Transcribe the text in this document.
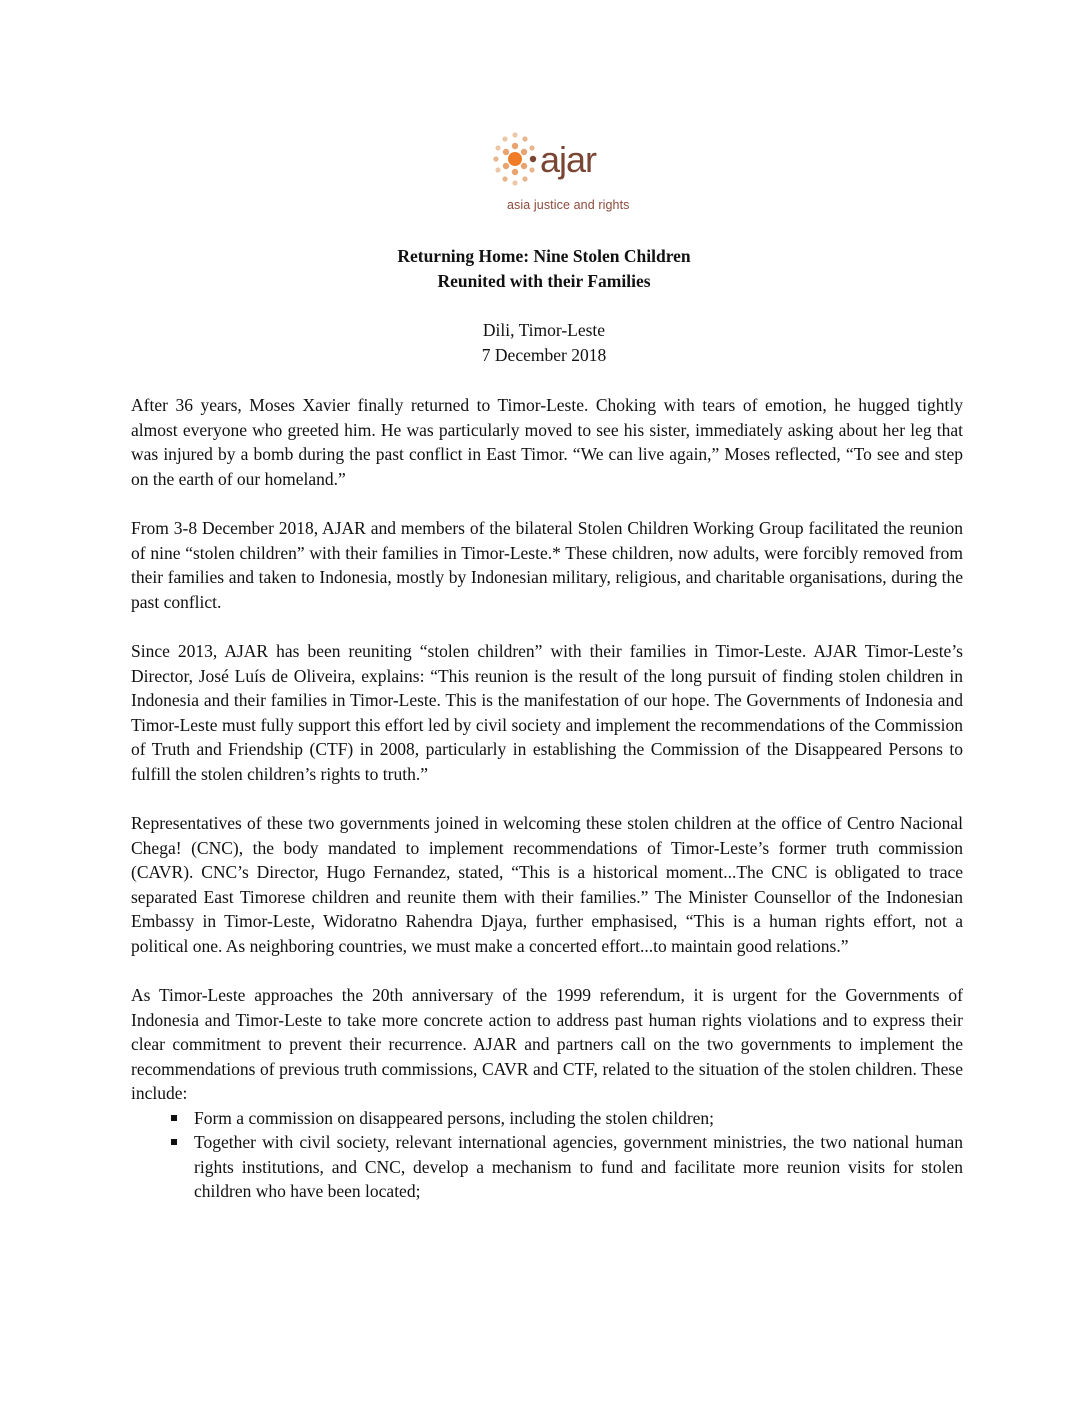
ajar
asia justice and rights
Returning Home: Nine Stolen Children
Reunited with their Families
Dili, Timor-Leste
7 December 2018

After 36 years, Moses Xavier finally returned to Timor-Leste. Choking with tears of emotion, he hugged tightly almost everyone who greeted him. He was particularly moved to see his sister, immediately asking about her leg that was injured by a bomb during the past conflict in East Timor. “We can live again,” Moses reflected, “To see and step on the earth of our homeland.”

From 3-8 December 2018, AJAR and members of the bilateral Stolen Children Working Group facilitated the reunion of nine “stolen children” with their families in Timor-Leste.* These children, now adults, were forcibly removed from their families and taken to Indonesia, mostly by Indonesian military, religious, and charitable organisations, during the past conflict.

Since 2013, AJAR has been reuniting “stolen children” with their families in Timor-Leste. AJAR Timor-Leste’s Director, José Luís de Oliveira, explains: “This reunion is the result of the long pursuit of finding stolen children in Indonesia and their families in Timor-Leste. This is the manifestation of our hope. The Governments of Indonesia and Timor-Leste must fully support this effort led by civil society and implement the recommendations of the Commission of Truth and Friendship (CTF) in 2008, particularly in establishing the Commission of the Disappeared Persons to fulfill the stolen children’s rights to truth.”

Representatives of these two governments joined in welcoming these stolen children at the office of Centro Nacional Chega! (CNC), the body mandated to implement recommendations of Timor-Leste’s former truth commission (CAVR). CNC’s Director, Hugo Fernandez, stated, “This is a historical moment...The CNC is obligated to trace separated East Timorese children and reunite them with their families.” The Minister Counsellor of the Indonesian Embassy in Timor-Leste, Widoratno Rahendra Djaya, further emphasised, “This is a human rights effort, not a political one. As neighboring countries, we must make a concerted effort...to maintain good relations.”

As Timor-Leste approaches the 20th anniversary of the 1999 referendum, it is urgent for the Governments of Indonesia and Timor-Leste to take more concrete action to address past human rights violations and to express their clear commitment to prevent their recurrence. AJAR and partners call on the two governments to implement the recommendations of previous truth commissions, CAVR and CTF, related to the situation of the stolen children. These include:

Form a commission on disappeared persons, including the stolen children;
Together with civil society, relevant international agencies, government ministries, the two national human rights institutions, and CNC, develop a mechanism to fund and facilitate more reunion visits for stolen children who have been located;
